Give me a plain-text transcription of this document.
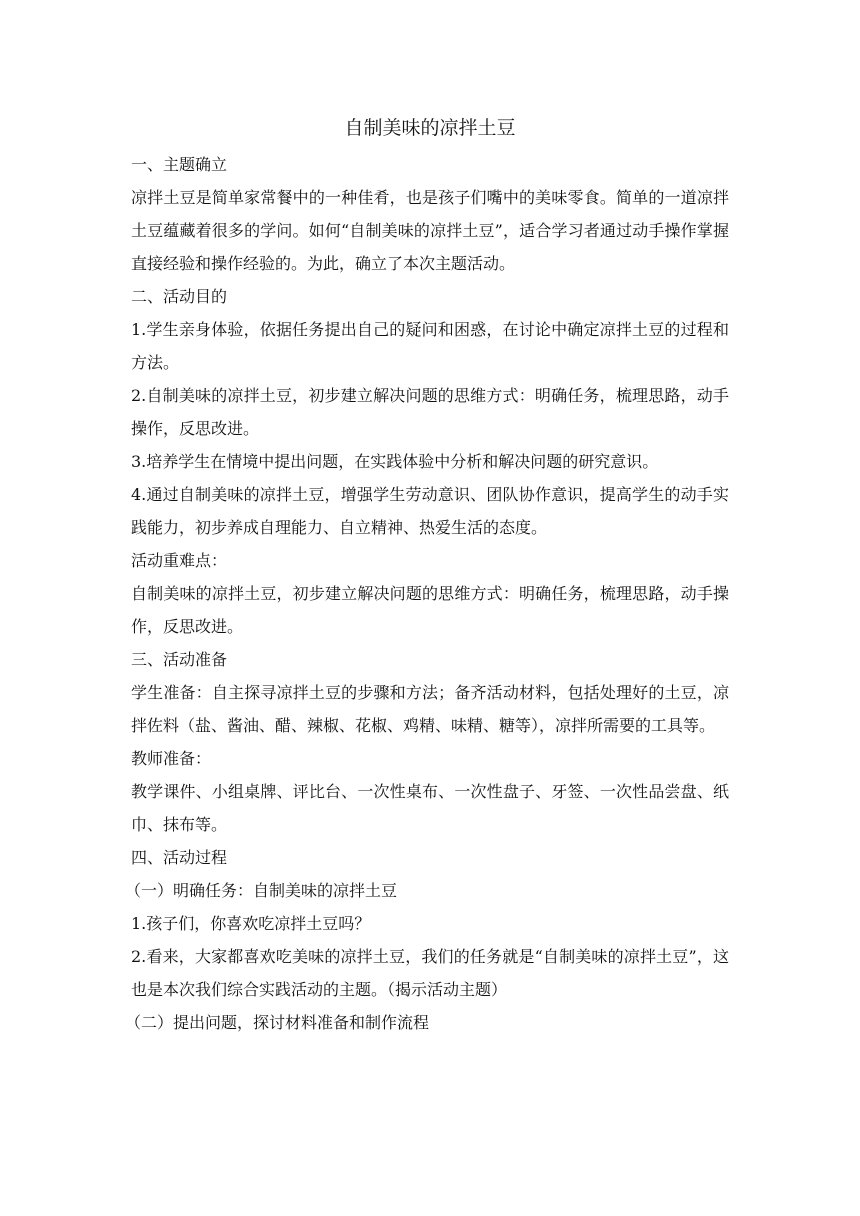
自制美味的凉拌土豆

一、主题确立

凉拌土豆是简单家常餐中的一种佳肴，也是孩子们嘴中的美味零食。简单的一道凉拌土豆蕴藏着很多的学问。如何“自制美味的凉拌土豆”，适合学习者通过动手操作掌握直接经验和操作经验的。为此，确立了本次主题活动。

二、活动目的

1.学生亲身体验，依据任务提出自己的疑问和困惑，在讨论中确定凉拌土豆的过程和方法。

2.自制美味的凉拌土豆，初步建立解决问题的思维方式：明确任务，梳理思路，动手操作，反思改进。

3.培养学生在情境中提出问题，在实践体验中分析和解决问题的研究意识。

4.通过自制美味的凉拌土豆，增强学生劳动意识、团队协作意识，提高学生的动手实践能力，初步养成自理能力、自立精神、热爱生活的态度。

活动重难点：

自制美味的凉拌土豆，初步建立解决问题的思维方式：明确任务，梳理思路，动手操作，反思改进。

三、活动准备

学生准备：自主探寻凉拌土豆的步骤和方法；备齐活动材料，包括处理好的土豆，凉拌佐料（盐、酱油、醋、辣椒、花椒、鸡精、味精、糖等），凉拌所需要的工具等。

教师准备：

教学课件、小组桌牌、评比台、一次性桌布、一次性盘子、牙签、一次性品尝盘、纸巾、抹布等。

四、活动过程

（一）明确任务：自制美味的凉拌土豆

1.孩子们，你喜欢吃凉拌土豆吗？

2.看来，大家都喜欢吃美味的凉拌土豆，我们的任务就是“自制美味的凉拌土豆”，这也是本次我们综合实践活动的主题。（揭示活动主题）

（二）提出问题，探讨材料准备和制作流程
